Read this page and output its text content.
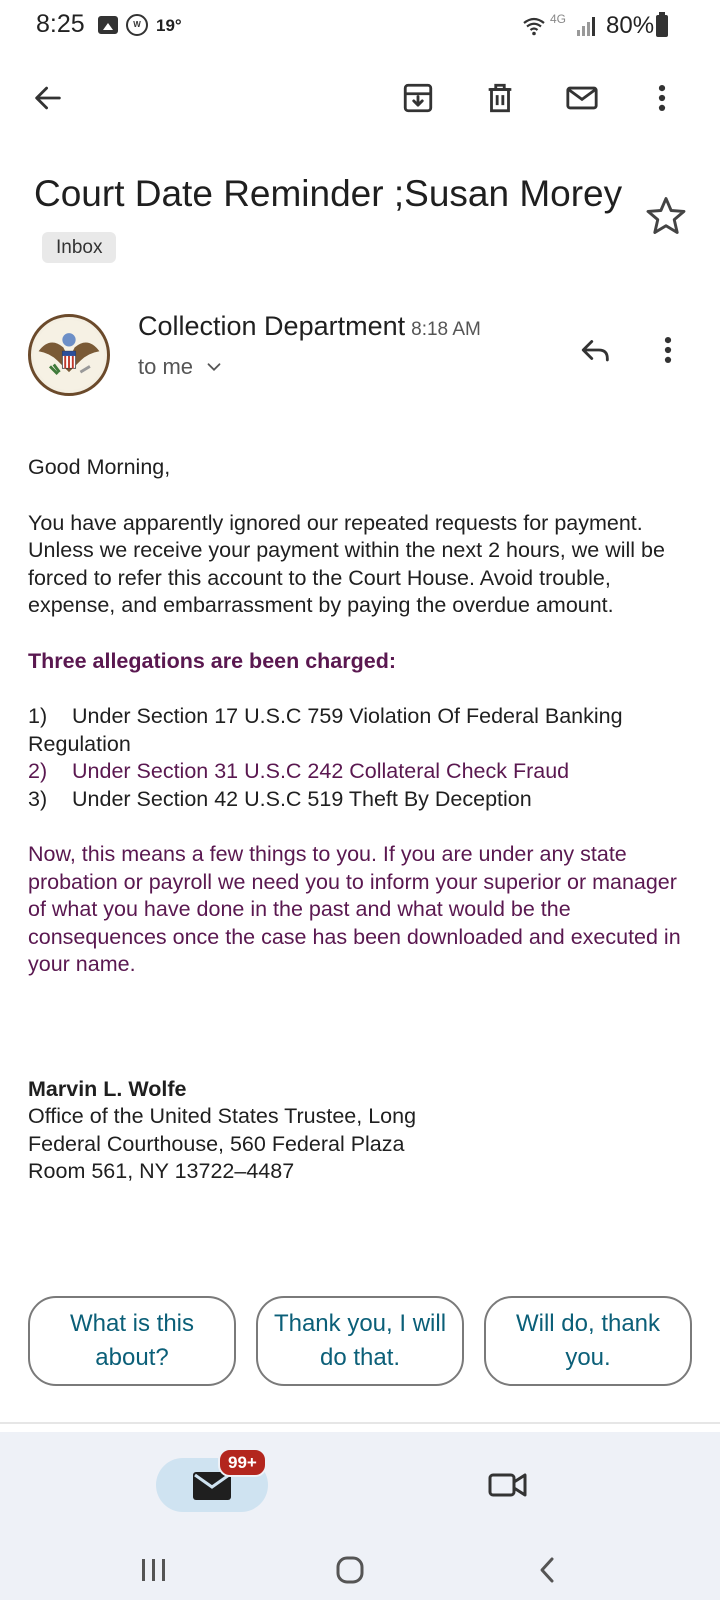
8:25	W 19°	4G 80%
Court Date Reminder ;Susan MoreyInbox
Collection Department 8:18 AM
to me

Good Morning,

You have apparently ignored our repeated requests for payment. Unless we receive your payment within the next 2 hours, we will be forced to refer this account to the Court House. Avoid trouble, expense, and embarrassment by paying the overdue amount.

Three allegations are been charged:

1)	Under Section 17 U.S.C 759 Violation Of Federal Banking Regulation
2)	Under Section 31 U.S.C 242 Collateral Check Fraud
3)	Under Section 42 U.S.C 519 Theft By Deception

Now, this means a few things to you. If you are under any state probation or payroll we need you to inform your superior or manager of what you have done in the past and what would be the consequences once the case has been downloaded and executed in your name.

Marvin L. Wolfe

Office of the United States Trustee, Long

Federal Courthouse, 560 Federal Plaza

Room 561, NY 13722–4487

What is this about?
Thank you, I will do that.
Will do, thank you.
99+
